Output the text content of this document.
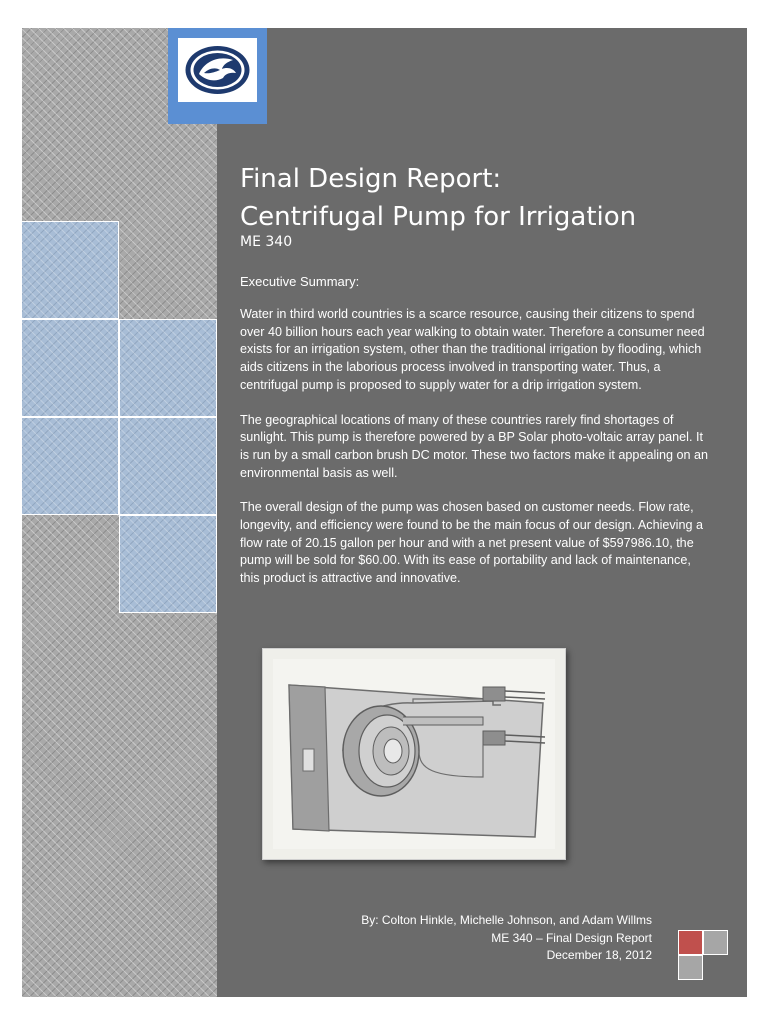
Final Design Report:
Centrifugal Pump for Irrigation
ME 340
Executive Summary:
Water in third world countries is a scarce resource, causing their citizens to spend over 40 billion hours each year walking to obtain water. Therefore a consumer need exists for an irrigation system, other than the traditional irrigation by flooding, which aids citizens in the laborious process involved in transporting water. Thus, a centrifugal pump is proposed to supply water for a drip irrigation system.
The geographical locations of many of these countries rarely find shortages of sunlight. This pump is therefore powered by a BP Solar photo-voltaic array panel. It is run by a small carbon brush DC motor. These two factors make it appealing on an environmental basis as well.
The overall design of the pump was chosen based on customer needs. Flow rate, longevity, and efficiency were found to be the main focus of our design. Achieving a flow rate of 20.15 gallon per hour and with a net present value of $597986.10, the pump will be sold for $60.00. With its ease of portability and lack of maintenance, this product is attractive and innovative.
By: Colton Hinkle, Michelle Johnson, and Adam Willms
ME 340 – Final Design Report
December 18, 2012
